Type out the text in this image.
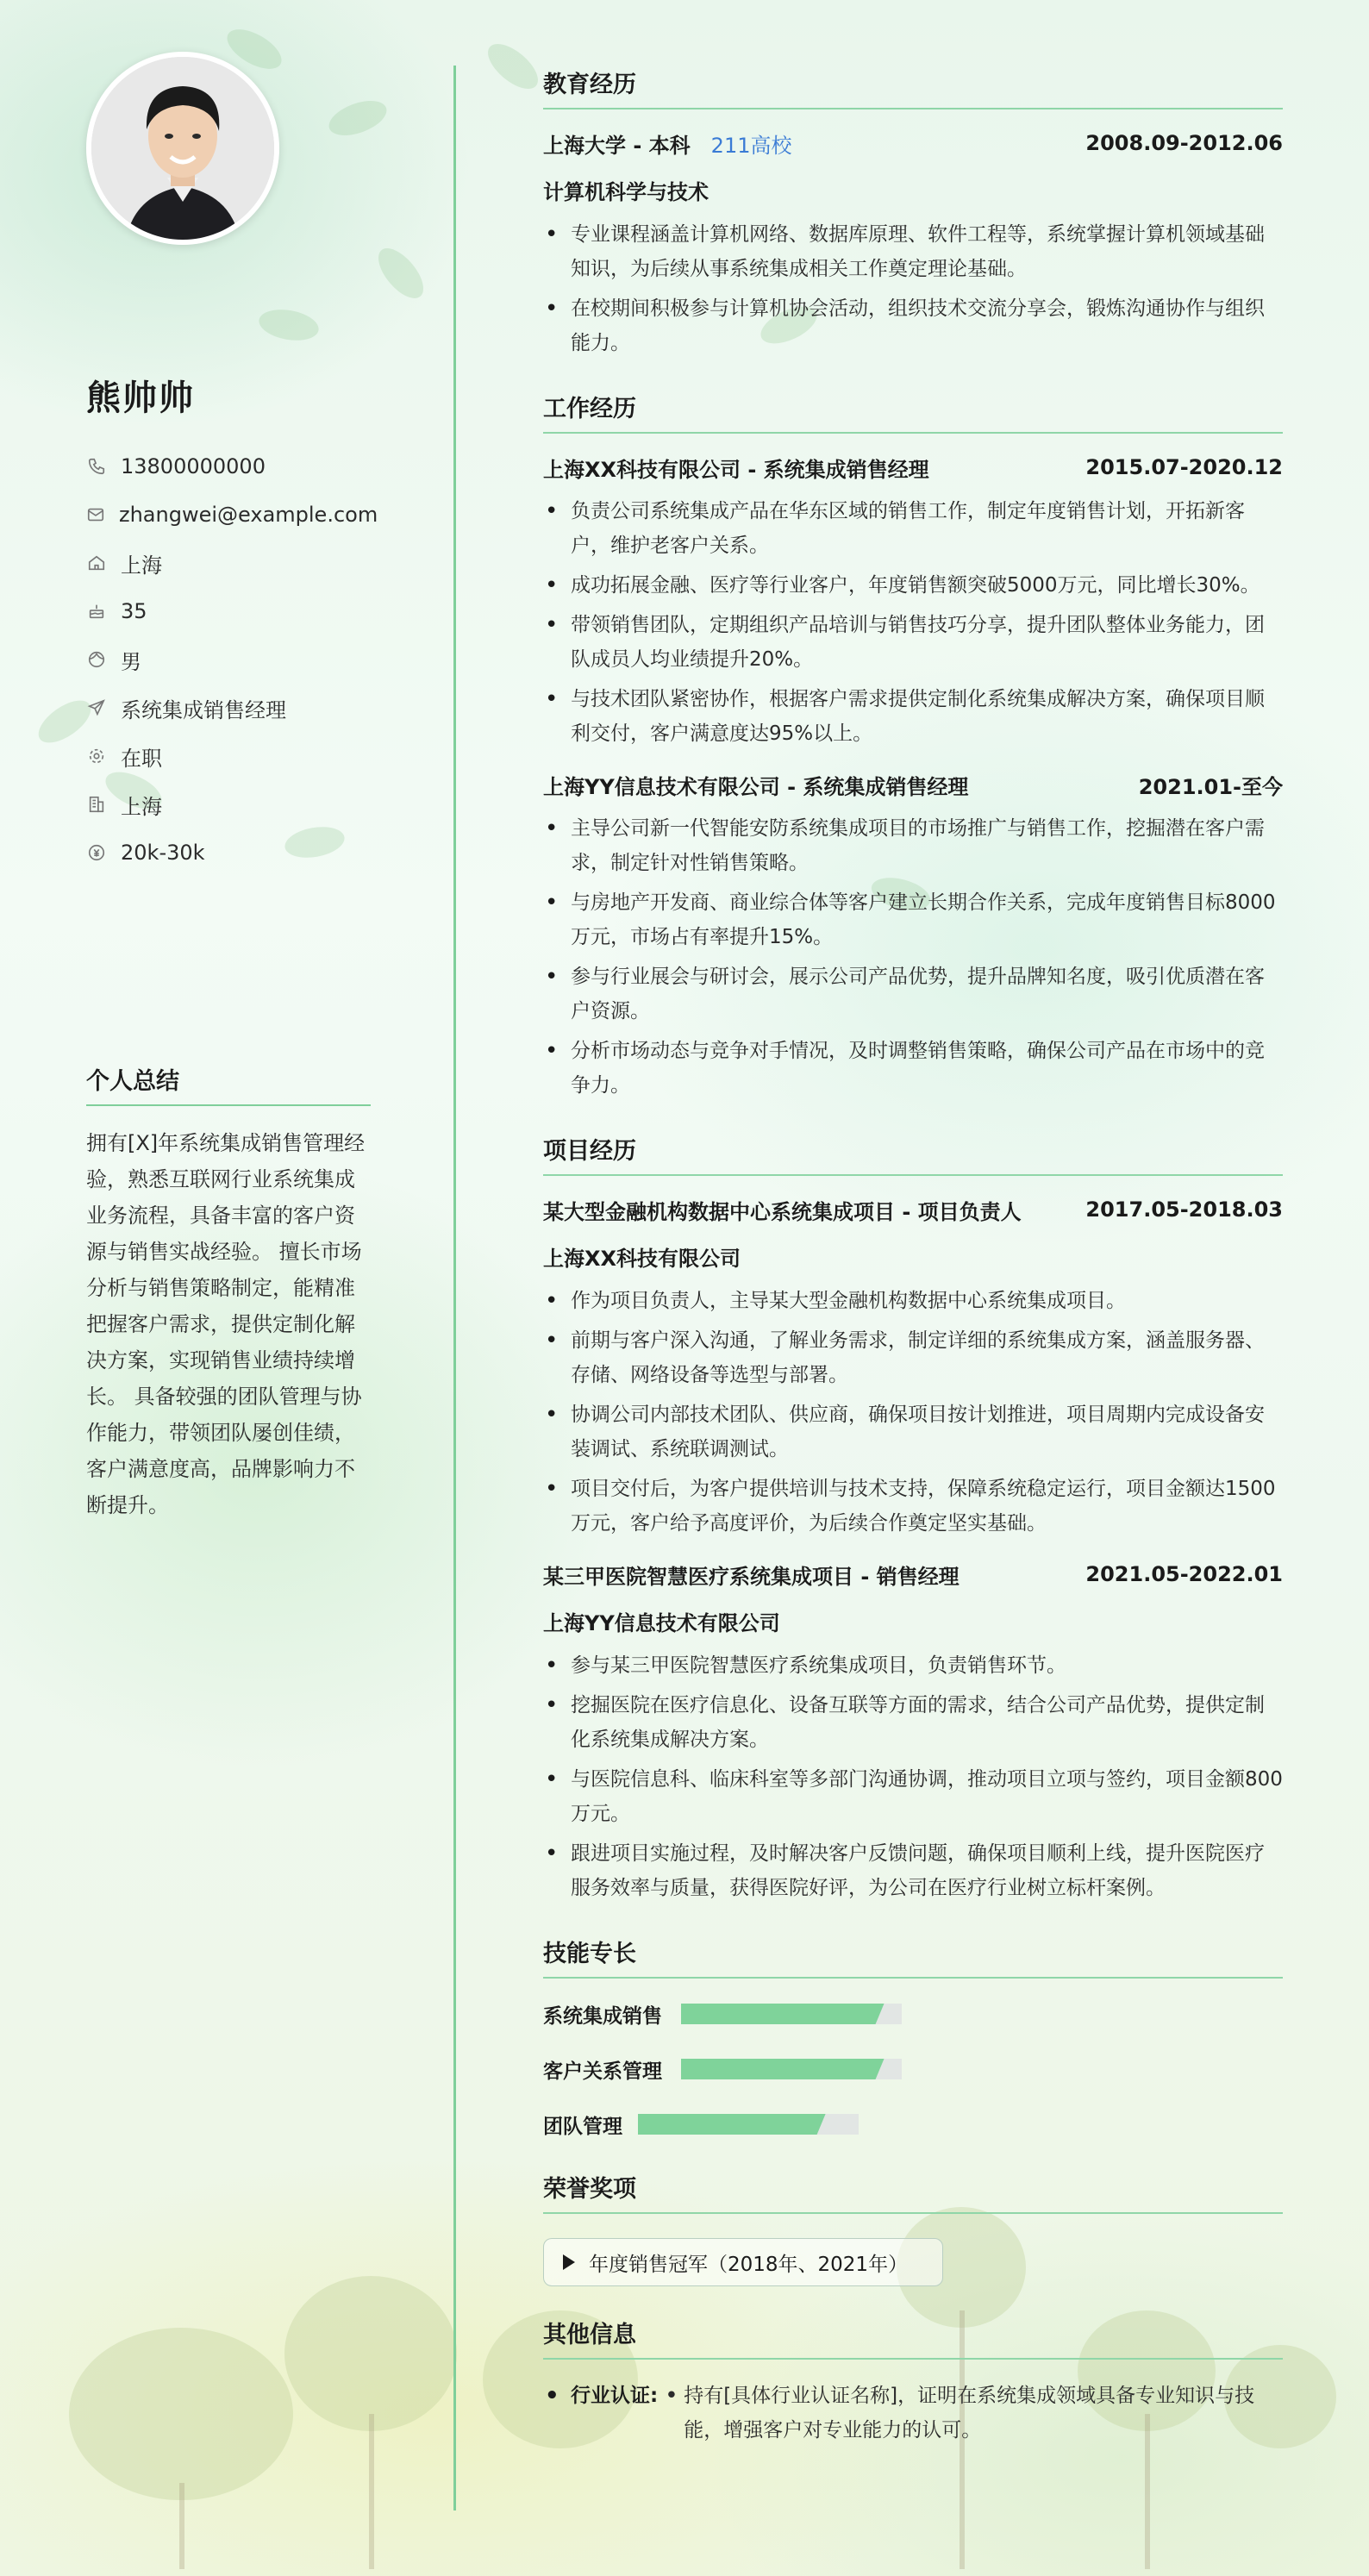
熊帅帅
13800000000
zhangwei@example.com
上海
35
男
系统集成销售经理
在职
上海
20k-30k
个人总结
拥有[X]年系统集成销售管理经验，熟悉互联网行业系统集成业务流程，具备丰富的客户资源与销售实战经验。 擅长市场分析与销售策略制定，能精准把握客户需求，提供定制化解决方案，实现销售业绩持续增长。 具备较强的团队管理与协作能力，带领团队屡创佳绩，客户满意度高，品牌影响力不断提升。
教育经历
上海大学 - 本科 211高校	2008.09-2012.06
计算机科学与技术
• 专业课程涵盖计算机网络、数据库原理、软件工程等，系统掌握计算机领域基础知识，为后续从事系统集成相关工作奠定理论基础。
• 在校期间积极参与计算机协会活动，组织技术交流分享会，锻炼沟通协作与组织能力。
工作经历
上海XX科技有限公司 - 系统集成销售经理	2015.07-2020.12
• 负责公司系统集成产品在华东区域的销售工作，制定年度销售计划，开拓新客户，维护老客户关系。
• 成功拓展金融、医疗等行业客户，年度销售额突破5000万元，同比增长30%。
• 带领销售团队，定期组织产品培训与销售技巧分享，提升团队整体业务能力，团队成员人均业绩提升20%。
• 与技术团队紧密协作，根据客户需求提供定制化系统集成解决方案，确保项目顺利交付，客户满意度达95%以上。
上海YY信息技术有限公司 - 系统集成销售经理	2021.01-至今
• 主导公司新一代智能安防系统集成项目的市场推广与销售工作，挖掘潜在客户需求，制定针对性销售策略。
• 与房地产开发商、商业综合体等客户建立长期合作关系，完成年度销售目标8000万元，市场占有率提升15%。
• 参与行业展会与研讨会，展示公司产品优势，提升品牌知名度，吸引优质潜在客户资源。
• 分析市场动态与竞争对手情况，及时调整销售策略，确保公司产品在市场中的竞争力。
项目经历
某大型金融机构数据中心系统集成项目 - 项目负责人	2017.05-2018.03
上海XX科技有限公司
• 作为项目负责人，主导某大型金融机构数据中心系统集成项目。
• 前期与客户深入沟通，了解业务需求，制定详细的系统集成方案，涵盖服务器、存储、网络设备等选型与部署。
• 协调公司内部技术团队、供应商，确保项目按计划推进，项目周期内完成设备安装调试、系统联调测试。
• 项目交付后，为客户提供培训与技术支持，保障系统稳定运行，项目金额达1500万元，客户给予高度评价，为后续合作奠定坚实基础。
某三甲医院智慧医疗系统集成项目 - 销售经理	2021.05-2022.01
上海YY信息技术有限公司
• 参与某三甲医院智慧医疗系统集成项目，负责销售环节。
• 挖掘医院在医疗信息化、设备互联等方面的需求，结合公司产品优势，提供定制化系统集成解决方案。
• 与医院信息科、临床科室等多部门沟通协调，推动项目立项与签约，项目金额800万元。
• 跟进项目实施过程，及时解决客户反馈问题，确保项目顺利上线，提升医院医疗服务效率与质量，获得医院好评，为公司在医疗行业树立标杆案例。
技能专长
系统集成销售
客户关系管理
团队管理
荣誉奖项
年度销售冠军（2018年、2021年）
其他信息
• 行业认证:
•	持有[具体行业认证名称]，证明在系统集成领域具备专业知识与技能，增强客户对专业能力的认可。
